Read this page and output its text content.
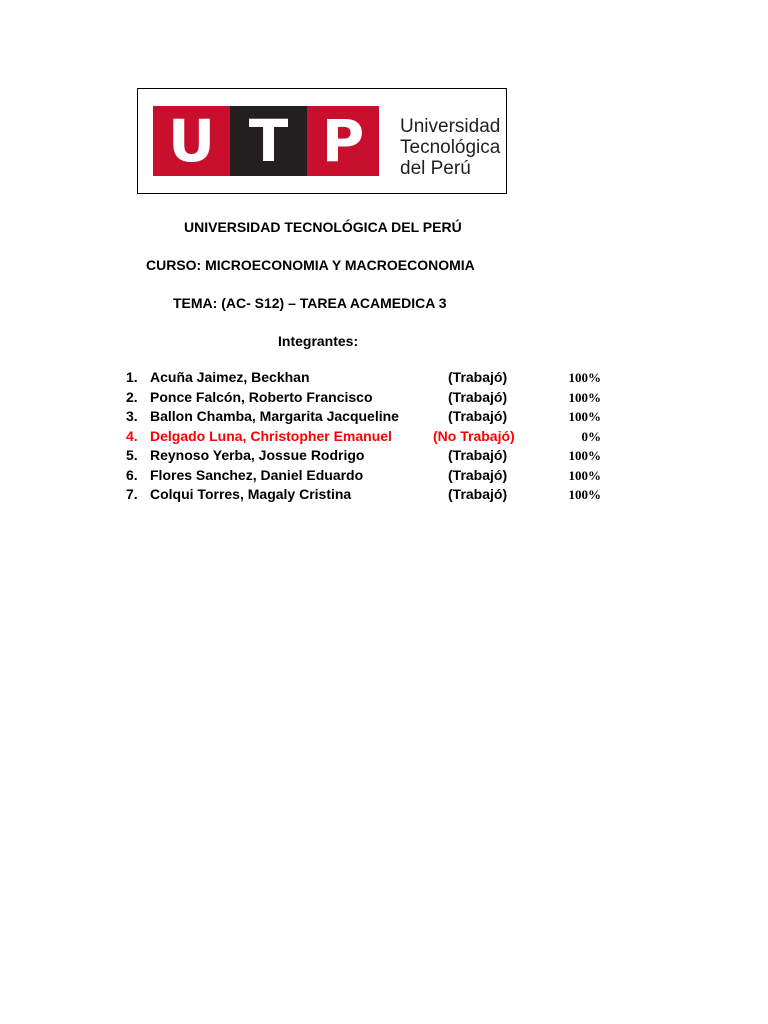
U T P	Universidad
Tecnológica
del Perú
UNIVERSIDAD TECNOLÓGICA DEL PERÚ
CURSO: MICROECONOMIA Y MACROECONOMIA
TEMA: (AC- S12) – TAREA ACAMEDICA 3
Integrantes:
1. Acuña Jaimez, Beckhan	(Trabajó)	100%
2. Ponce Falcón, Roberto Francisco	(Trabajó)	100%
3. Ballon Chamba, Margarita Jacqueline	(Trabajó)	100%
4. Delgado Luna, Christopher Emanuel	(No Trabajó)	0%
5. Reynoso Yerba, Jossue Rodrigo	(Trabajó)	100%
6. Flores Sanchez, Daniel Eduardo	(Trabajó)	100%
7. Colqui Torres, Magaly Cristina	(Trabajó)	100%
